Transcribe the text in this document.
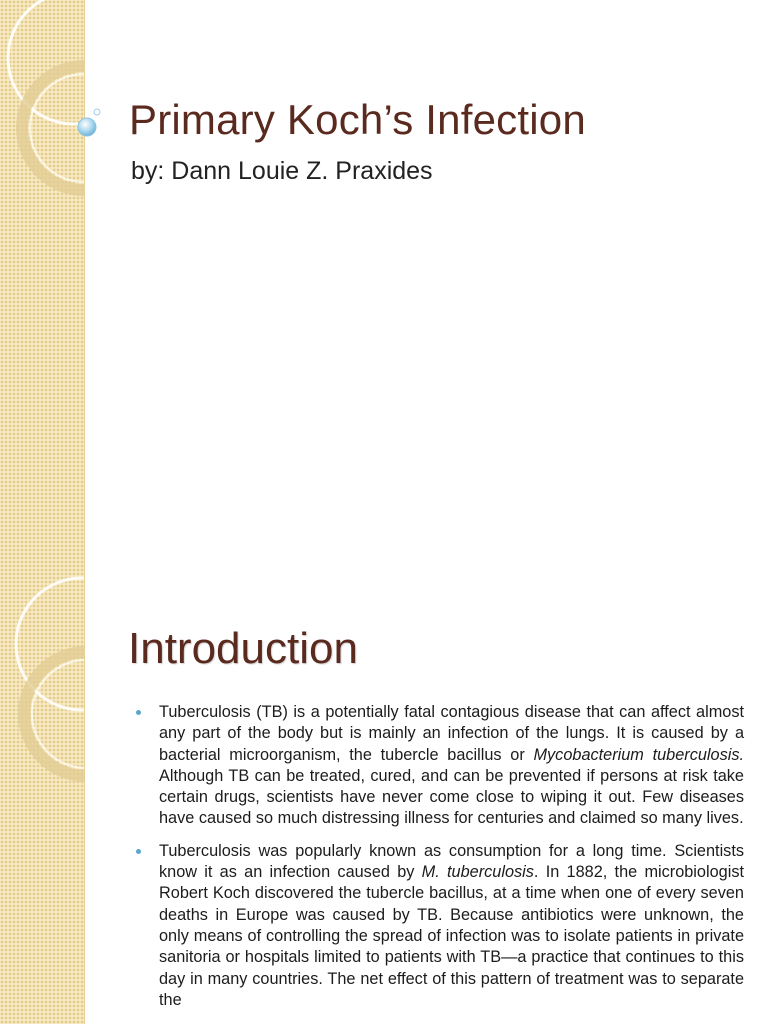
Primary Koch’s Infection
by: Dann Louie Z. Praxides
Introduction
Tuberculosis (TB) is a potentially fatal contagious disease that can affect almost any part of the body but is mainly an infection of the lungs. It is caused by a bacterial microorganism, the tubercle bacillus or Mycobacterium tuberculosis. Although TB can be treated, cured, and can be prevented if persons at risk take certain drugs, scientists have never come close to wiping it out. Few diseases have caused so much distressing illness for centuries and claimed so many lives.
Tuberculosis was popularly known as consumption for a long time. Scientists know it as an infection caused by M. tuberculosis. In 1882, the microbiologist Robert Koch discovered the tubercle bacillus, at a time when one of every seven deaths in Europe was caused by TB. Because antibiotics were unknown, the only means of controlling the spread of infection was to isolate patients in private sanitoria or hospitals limited to patients with TB—a practice that continues to this day in many countries. The net effect of this pattern of treatment was to separate the
